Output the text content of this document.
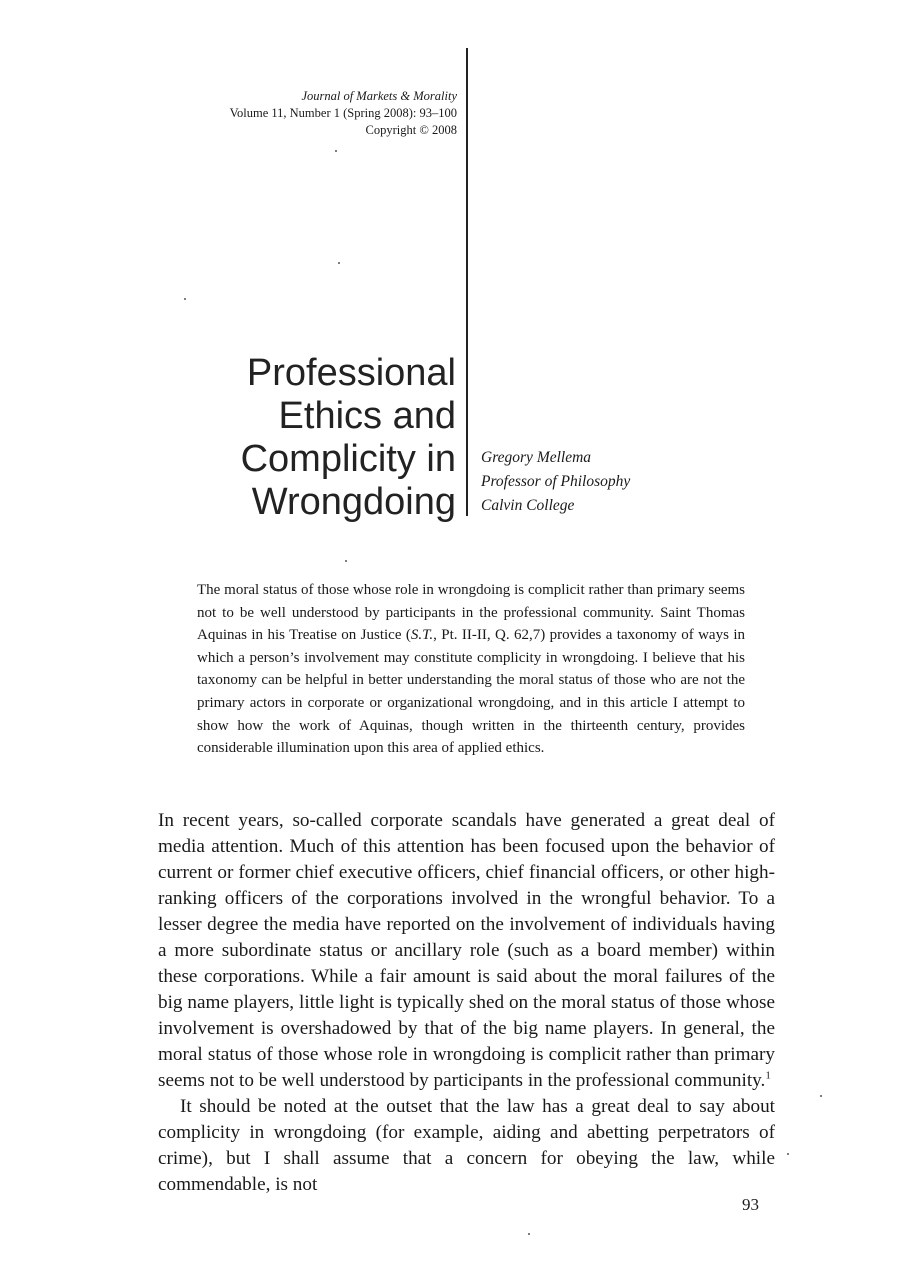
Journal of Markets & Morality
Volume 11, Number 1 (Spring 2008): 93–100
Copyright © 2008
Professional
Ethics and
Complicity in
Wrongdoing
Gregory Mellema
Professor of Philosophy
Calvin College
The moral status of those whose role in wrongdoing is complicit rather than primary seems not to be well understood by participants in the professional community. Saint Thomas Aquinas in his Treatise on Justice (S.T., Pt. II-II, Q. 62,7) provides a taxonomy of ways in which a person’s involvement may constitute complicity in wrongdoing. I believe that his taxonomy can be helpful in better understanding the moral status of those who are not the primary actors in corporate or organizational wrongdoing, and in this article I attempt to show how the work of Aquinas, though written in the thirteenth century, provides considerable illumination upon this area of applied ethics.

In recent years, so-called corporate scandals have generated a great deal of media attention. Much of this attention has been focused upon the behavior of current or former chief executive officers, chief financial officers, or other high-ranking officers of the corporations involved in the wrongful behavior. To a lesser degree the media have reported on the involvement of individuals having a more subordinate status or ancillary role (such as a board member) within these corporations. While a fair amount is said about the moral failures of the big name players, little light is typically shed on the moral status of those whose involvement is overshadowed by that of the big name players. In general, the moral status of those whose role in wrongdoing is complicit rather than primary seems not to be well understood by participants in the professional community.$^1$

It should be noted at the outset that the law has a great deal to say about complicity in wrongdoing (for example, aiding and abetting perpetrators of crime), but I shall assume that a concern for obeying the law, while commendable, is not

93
